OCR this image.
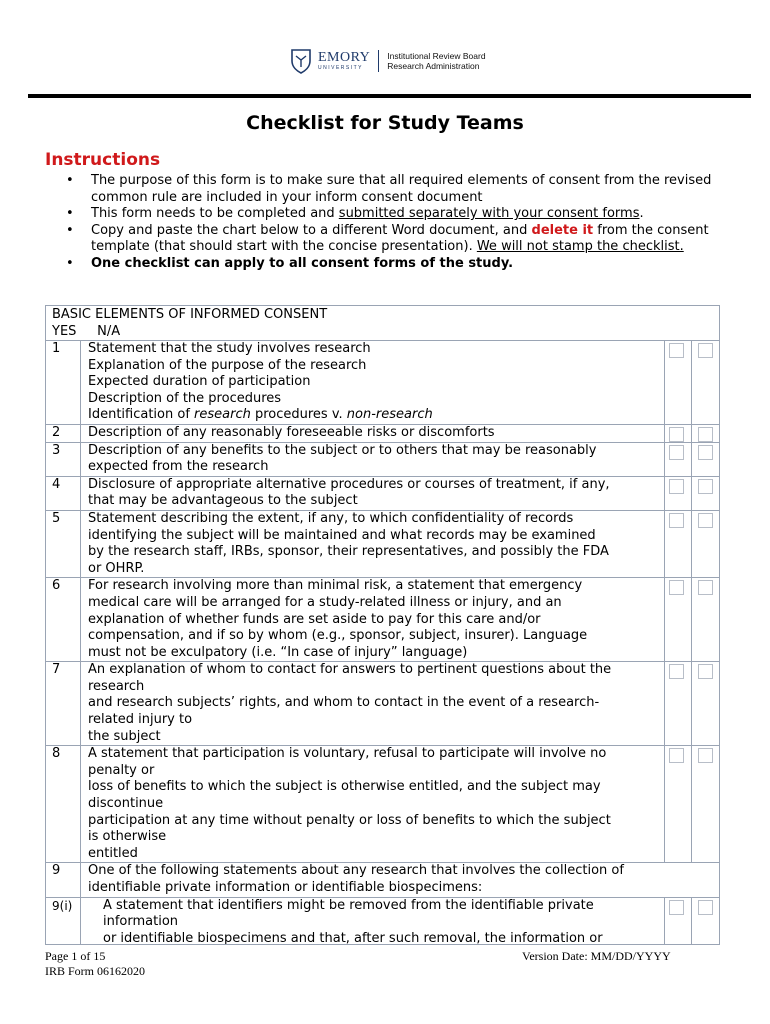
EMORY
UNIVERSITY
Institutional Review Board
Research Administration
Checklist for Study Teams
Instructions
• The purpose of this form is to make sure that all required elements of consent from the revised common rule are included in your inform consent document
• This form needs to be completed and submitted separately with your consent forms.
• Copy and paste the chart below to a different Word document, and delete it from the consent template (that should start with the concise presentation). We will not stamp the checklist.
• One checklist can apply to all consent forms of the study.
BASIC ELEMENTS OF INFORMED CONSENT
YES N/A
1	Statement that the study involves research
Explanation of the purpose of the research
Expected duration of participation
Description of the procedures
Identification of research procedures v. non-research
2	Description of any reasonably foreseeable risks or discomforts
3	Description of any benefits to the subject or to others that may be reasonably
expected from the research
4	Disclosure of appropriate alternative procedures or courses of treatment, if any,
that may be advantageous to the subject
5	Statement describing the extent, if any, to which confidentiality of records
identifying the subject will be maintained and what records may be examined
by the research staff, IRBs, sponsor, their representatives, and possibly the FDA
or OHRP.
6	For research involving more than minimal risk, a statement that emergency
medical care will be arranged for a study-related illness or injury, and an
explanation of whether funds are set aside to pay for this care and/or
compensation, and if so by whom (e.g., sponsor, subject, insurer). Language
must not be exculpatory (i.e. “In case of injury” language)
7	An explanation of whom to contact for answers to pertinent questions about the
research
and research subjects’ rights, and whom to contact in the event of a research-
related injury to
the subject
8	A statement that participation is voluntary, refusal to participate will involve no
penalty or
loss of benefits to which the subject is otherwise entitled, and the subject may
discontinue
participation at any time without penalty or loss of benefits to which the subject
is otherwise
entitled
9	One of the following statements about any research that involves the collection of
identifiable private information or identifiable biospecimens:
9(i)	A statement that identifiers might be removed from the identifiable private
information
or identifiable biospecimens and that, after such removal, the information or
Page 1 of 15
IRB Form 06162020
Version Date: MM/DD/YYYY
